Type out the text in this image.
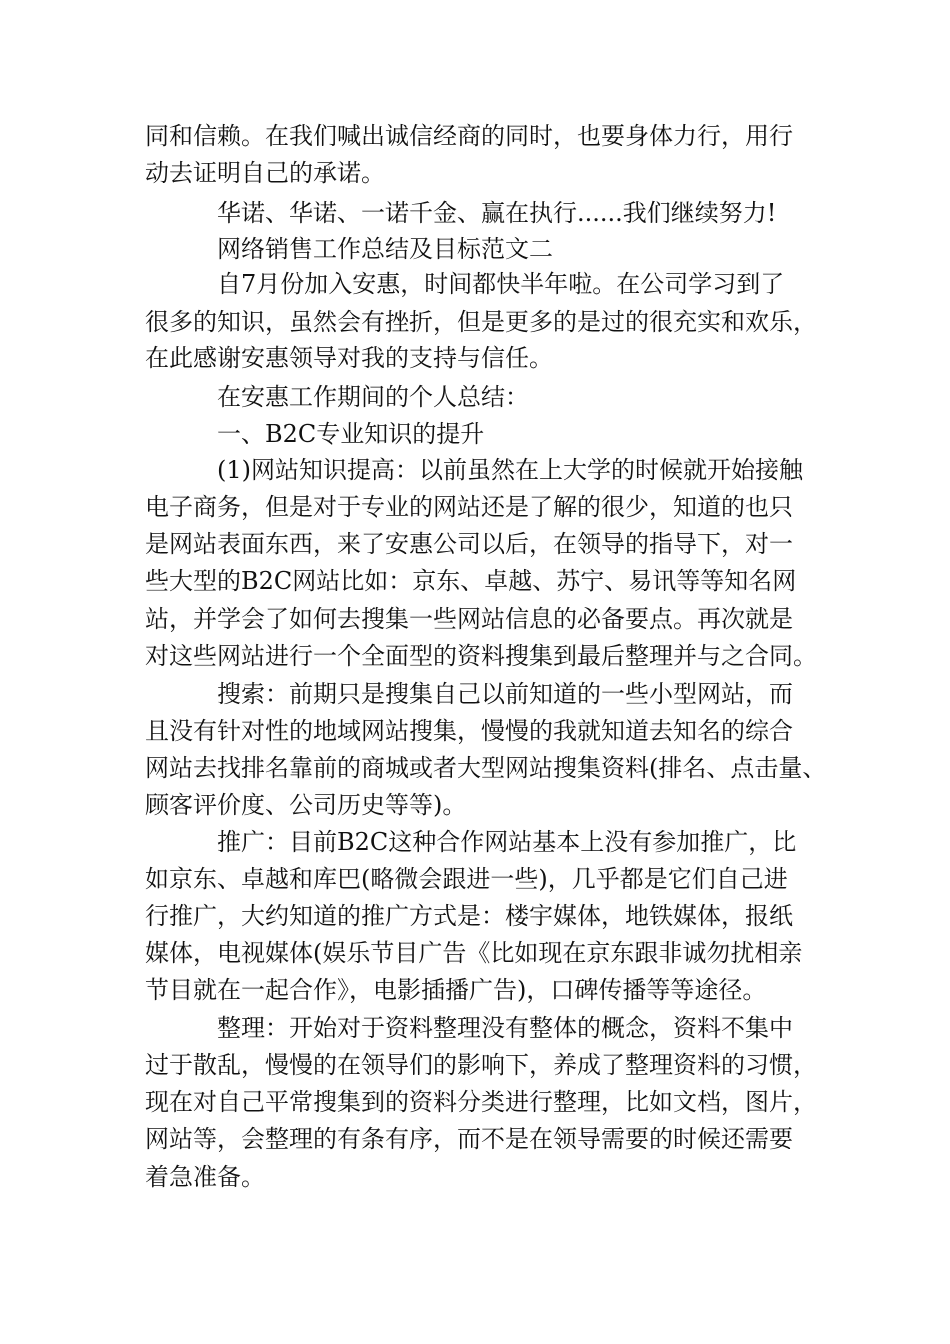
同和信赖。在我们喊出诚信经商的同时，也要身体力行，用行
动去证明自己的承诺。
华诺、华诺、一诺千金、赢在执行......我们继续努力!
网络销售工作总结及目标范文二
自7月份加入安惠，时间都快半年啦。在公司学习到了
很多的知识，虽然会有挫折，但是更多的是过的很充实和欢乐，
在此感谢安惠领导对我的支持与信任。
在安惠工作期间的个人总结：
一、B2C专业知识的提升
(1)网站知识提高：以前虽然在上大学的时候就开始接触
电子商务，但是对于专业的网站还是了解的很少，知道的也只
是网站表面东西，来了安惠公司以后，在领导的指导下，对一
些大型的B2C网站比如：京东、卓越、苏宁、易讯等等知名网
站，并学会了如何去搜集一些网站信息的必备要点。再次就是
对这些网站进行一个全面型的资料搜集到最后整理并与之合同。
搜索：前期只是搜集自己以前知道的一些小型网站，而
且没有针对性的地域网站搜集，慢慢的我就知道去知名的综合
网站去找排名靠前的商城或者大型网站搜集资料(排名、点击量、
顾客评价度、公司历史等等)。
推广：目前B2C这种合作网站基本上没有参加推广，比
如京东、卓越和库巴(略微会跟进一些)，几乎都是它们自己进
行推广，大约知道的推广方式是：楼宇媒体，地铁媒体，报纸
媒体，电视媒体(娱乐节目广告《比如现在京东跟非诚勿扰相亲
节目就在一起合作》，电影插播广告)，口碑传播等等途径。
整理：开始对于资料整理没有整体的概念，资料不集中
过于散乱，慢慢的在领导们的影响下，养成了整理资料的习惯，
现在对自己平常搜集到的资料分类进行整理，比如文档，图片，
网站等，会整理的有条有序，而不是在领导需要的时候还需要
着急准备。
